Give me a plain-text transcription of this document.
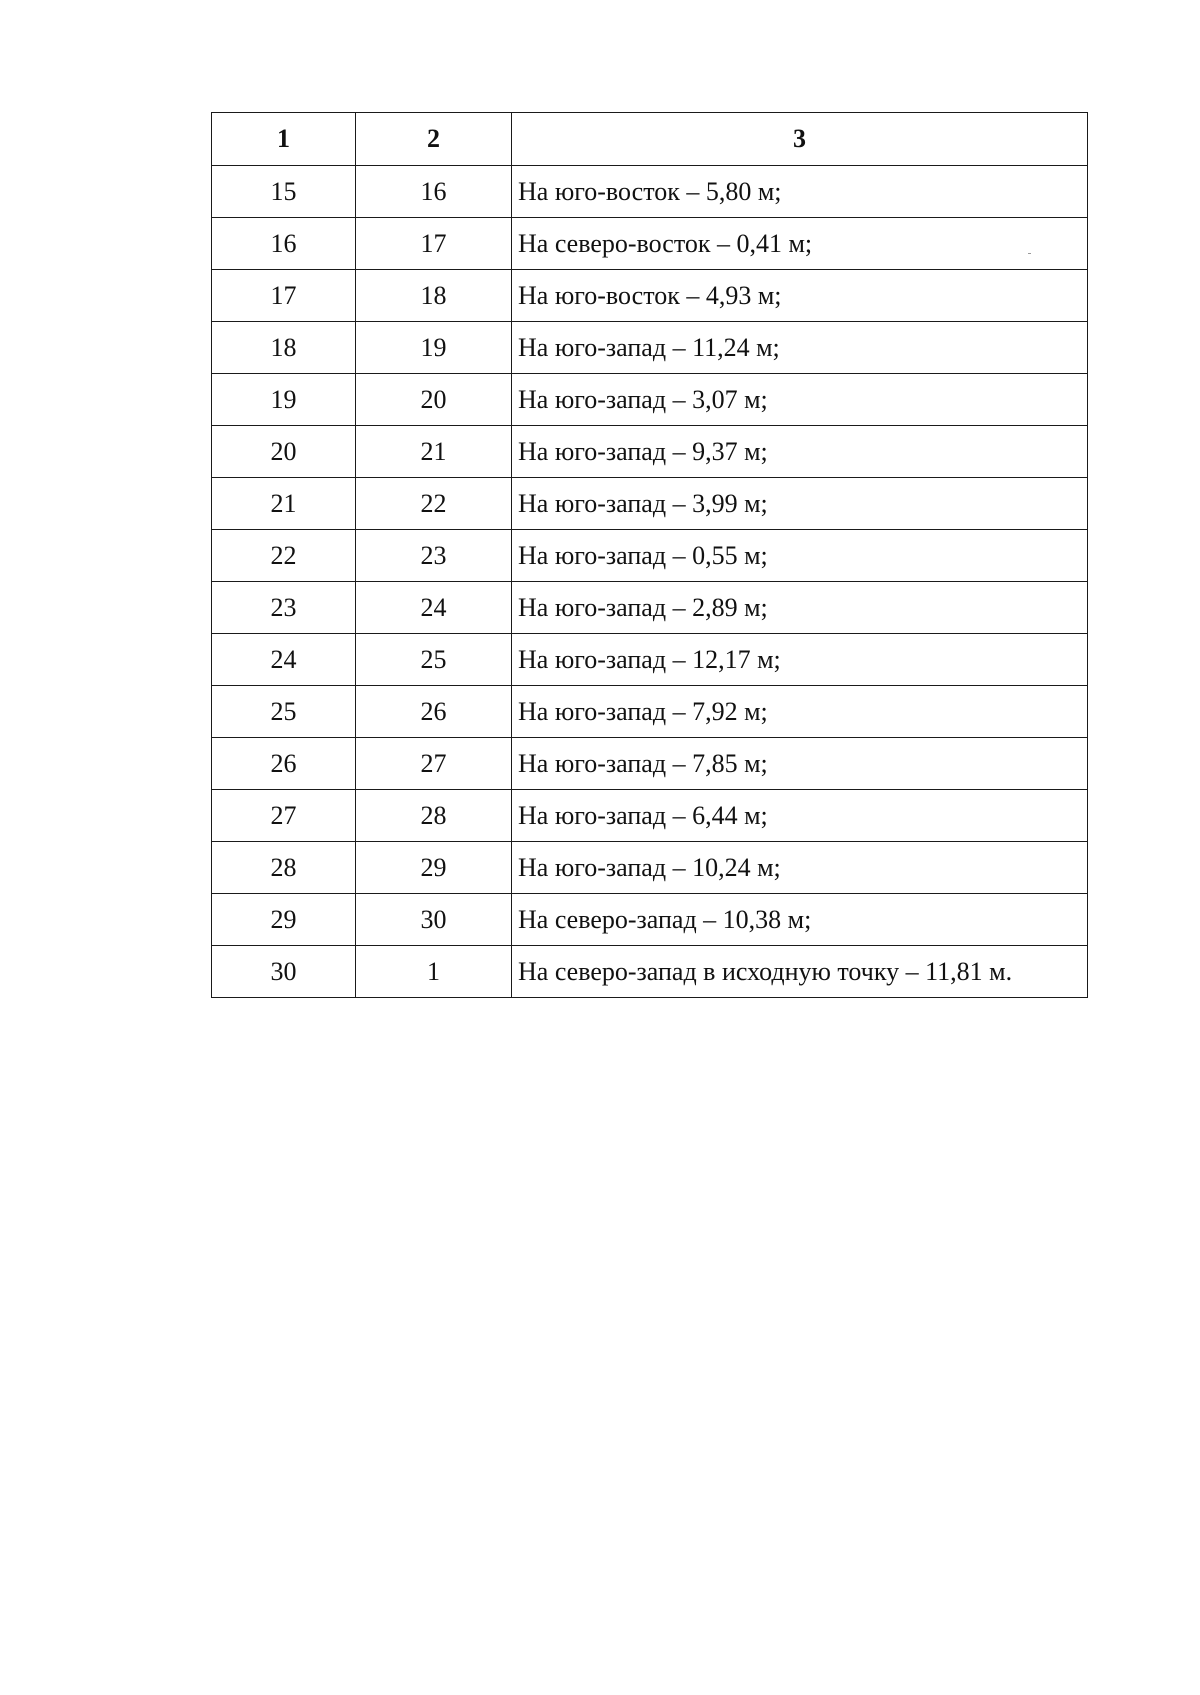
1	2	3
15	16	На юго-восток – 5,80 м;
16	17	На северо-восток – 0,41 м;
17	18	На юго-восток – 4,93 м;
18	19	На юго-запад – 11,24 м;
19	20	На юго-запад – 3,07 м;
20	21	На юго-запад – 9,37 м;
21	22	На юго-запад – 3,99 м;
22	23	На юго-запад – 0,55 м;
23	24	На юго-запад – 2,89 м;
24	25	На юго-запад – 12,17 м;
25	26	На юго-запад – 7,92 м;
26	27	На юго-запад – 7,85 м;
27	28	На юго-запад – 6,44 м;
28	29	На юго-запад – 10,24 м;
29	30	На северо-запад – 10,38 м;
30	1	На северо-запад в исходную точку – 11,81 м.
